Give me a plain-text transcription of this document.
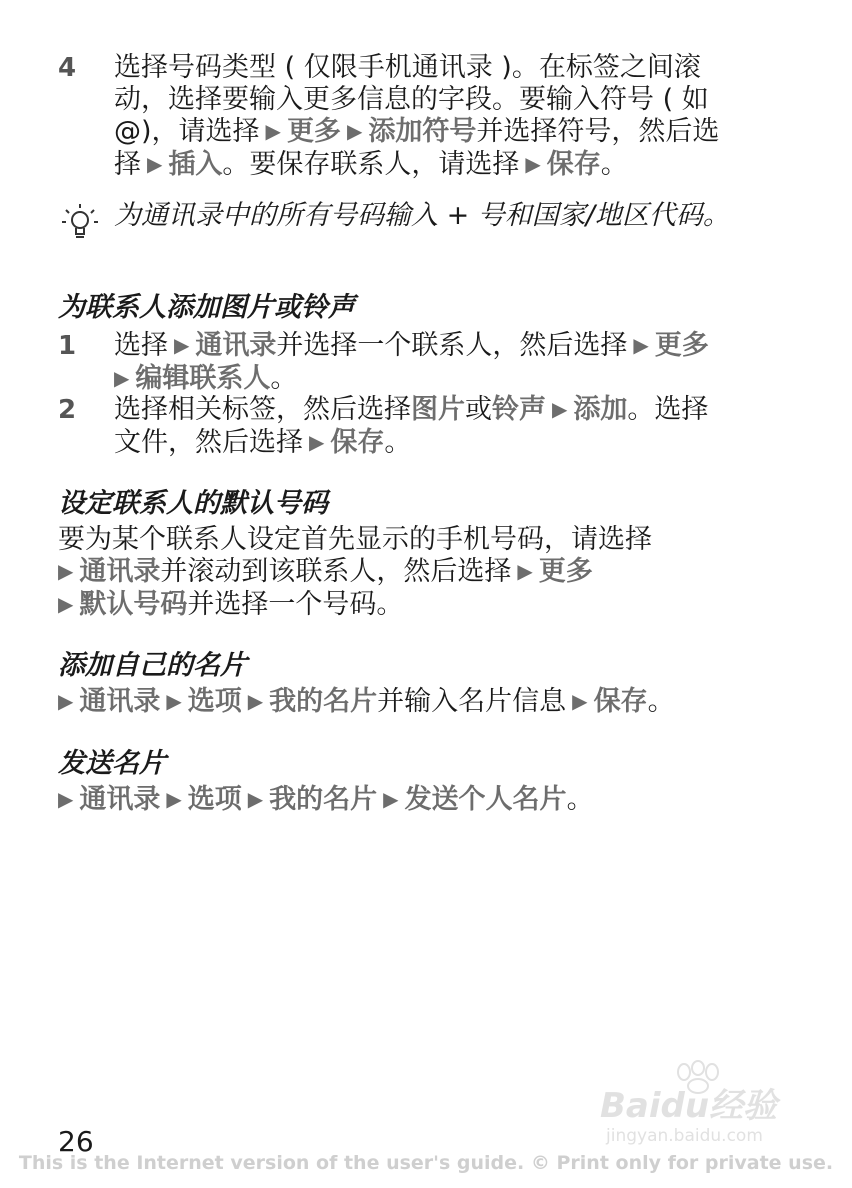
4	选择号码类型 ( 仅限手机通讯录 )。在标签之间滚
动，选择要输入更多信息的字段。要输入符号 ( 如
@)，请选择 ▶ 更多 ▶ 添加符号并选择符号，然后选
择 ▶ 插入。要保存联系人，请选择 ▶ 保存。
为通讯录中的所有号码输入 + 号和国家/地区代码。
为联系人添加图片或铃声
1	选择 ▶ 通讯录并选择一个联系人，然后选择 ▶ 更多
▶ 编辑联系人。
2	选择相关标签，然后选择图片或铃声 ▶ 添加。选择
文件，然后选择 ▶ 保存。
设定联系人的默认号码
要为某个联系人设定首先显示的手机号码，请选择
▶ 通讯录并滚动到该联系人，然后选择 ▶ 更多
▶ 默认号码并选择一个号码。
添加自己的名片
▶ 通讯录 ▶ 选项 ▶ 我的名片并输入名片信息 ▶ 保存。
发送名片
▶ 通讯录 ▶ 选项 ▶ 我的名片 ▶ 发送个人名片。
Baidu经验
jingyan.baidu.com
26
This is the Internet version of the user's guide. © Print only for private use.
